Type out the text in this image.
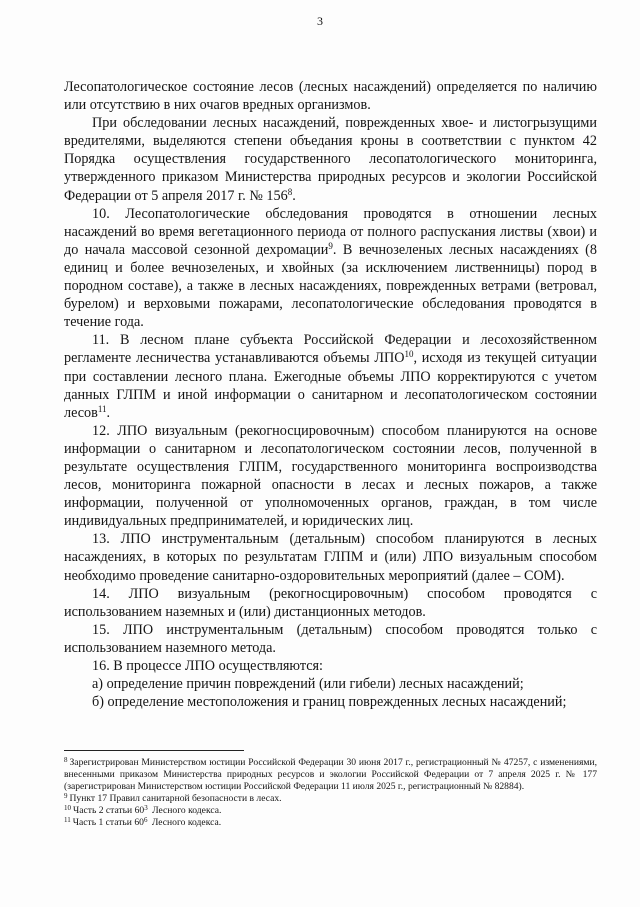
3

Лесопатологическое состояние лесов (лесных насаждений) определяется по наличию или отсутствию в них очагов вредных организмов.

При обследовании лесных насаждений, поврежденных хвое- и листогрызущими вредителями, выделяются степени объедания кроны в соответствии с пунктом 42 Порядка осуществления государственного лесопатологического мониторинга, утвержденного приказом Министерства природных ресурсов и экологии Российской Федерации от 5 апреля 2017 г. № $156^8$.

10. Лесопатологические обследования проводятся в отношении лесных насаждений во время вегетационного периода от полного распускания листвы (хвои) и до начала массовой сезонной дехромации$^9$. В вечнозеленых лесных насаждениях (8 единиц и более вечнозеленых, и хвойных (за исключением лиственницы) пород в породном составе), а также в лесных насаждениях, поврежденных ветрами (ветровал, бурелом) и верховыми пожарами, лесопатологические обследования проводятся в течение года.

11. В лесном плане субъекта Российской Федерации и лесохозяйственном регламенте лесничества устанавливаются объемы ЛПО$^{10}$, исходя из текущей ситуации при составлении лесного плана. Ежегодные объемы ЛПО корректируются с учетом данных ГЛПМ и иной информации о санитарном и лесопатологическом состоянии лесов$^{11}$.

12. ЛПО визуальным (рекогносцировочным) способом планируются на основе информации о санитарном и лесопатологическом состоянии лесов, полученной в результате осуществления ГЛПМ, государственного мониторинга воспроизводства лесов, мониторинга пожарной опасности в лесах и лесных пожаров, а также информации, полученной от уполномоченных органов, граждан, в том числе индивидуальных предпринимателей, и юридических лиц.

13. ЛПО инструментальным (детальным) способом планируются в лесных насаждениях, в которых по результатам ГЛПМ и (или) ЛПО визуальным способом необходимо проведение санитарно-оздоровительных мероприятий (далее – СОМ).

14. ЛПО визуальным (рекогносцировочным) способом проводятся с использованием наземных и (или) дистанционных методов.

15. ЛПО инструментальным (детальным) способом проводятся только с использованием наземного метода.

16. В процессе ЛПО осуществляются:

а) определение причин повреждений (или гибели) лесных насаждений;

б) определение местоположения и границ поврежденных лесных насаждений;

$^8$ Зарегистрирован Министерством юстиции Российской Федерации 30 июня 2017 г., регистрационный № 47257, с изменениями, внесенными приказом Министерства природных ресурсов и экологии Российской Федерации от 7 апреля 2025 г. № 177 (зарегистрирован Министерством юстиции Российской Федерации 11 июля 2025 г., регистрационный № 82884).

$^9$ Пункт 17 Правил санитарной безопасности в лесах.

$^{10}$ Часть 2 статьи $60^3$ Лесного кодекса.

$^{11}$ Часть 1 статьи $60^6$ Лесного кодекса.
